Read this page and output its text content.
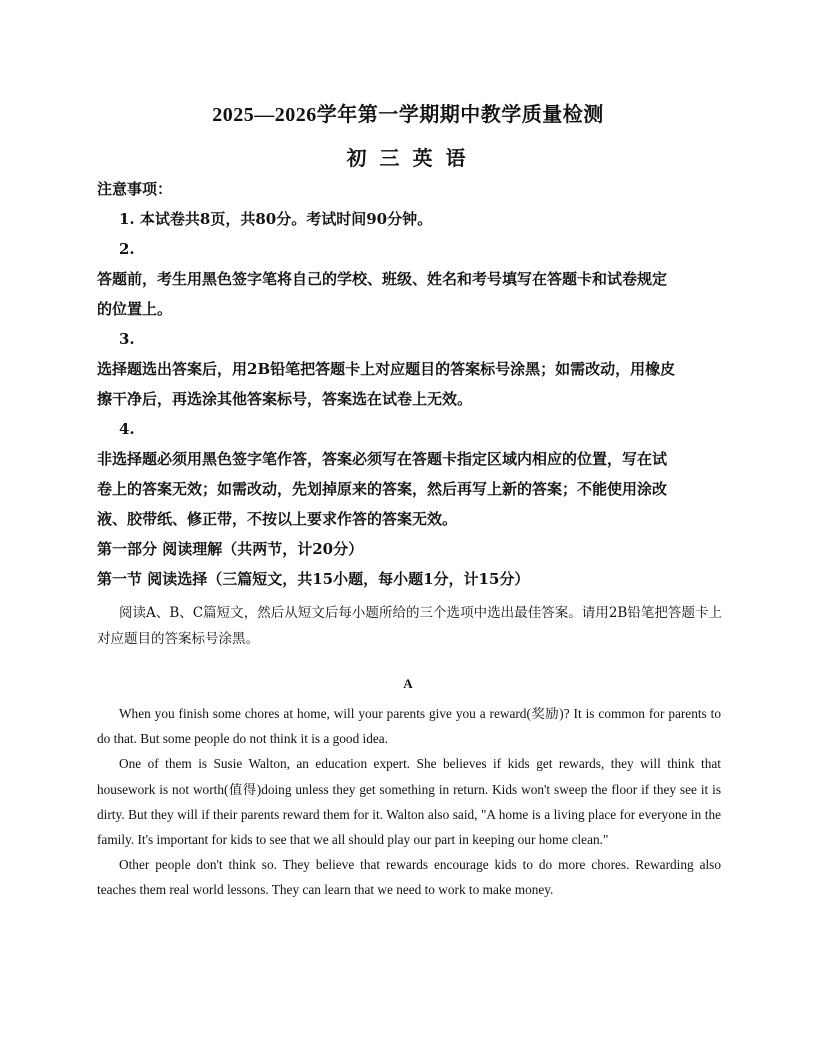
2025—2026学年第一学期期中教学质量检测
初 三 英 语
注意事项：
1. 本试卷共8页，共80分。考试时间90分钟。
2.
答题前，考生用黑色签字笔将自己的学校、班级、姓名和考号填写在答题卡和试卷规定
的位置上。
3.
选择题选出答案后，用2B铅笔把答题卡上对应题目的答案标号涂黑；如需改动，用橡皮
擦干净后，再选涂其他答案标号，答案选在试卷上无效。
4.
非选择题必须用黑色签字笔作答，答案必须写在答题卡指定区域内相应的位置，写在试
卷上的答案无效；如需改动，先划掉原来的答案，然后再写上新的答案；不能使用涂改
液、胶带纸、修正带，不按以上要求作答的答案无效。
第一部分 阅读理解（共两节，计20分）
第一节 阅读选择（三篇短文，共15小题，每小题1分，计15分）
阅读A、B、C篇短文，然后从短文后每小题所给的三个选项中选出最佳答案。请用2B铅笔把答题卡上对应题目的答案标号涂黑。
A

When you finish some chores at home, will your parents give you a reward(奖励)? It is common for parents to do that. But some people do not think it is a good idea.

One of them is Susie Walton, an education expert. She believes if kids get rewards, they will think that housework is not worth(值得)doing unless they get something in return. Kids won't sweep the floor if they see it is dirty. But they will if their parents reward them for it. Walton also said, "A home is a living place for everyone in the family. It's important for kids to see that we all should play our part in keeping our home clean."

Other people don't think so. They believe that rewards encourage kids to do more chores. Rewarding also teaches them real world lessons. They can learn that we need to work to make money.
